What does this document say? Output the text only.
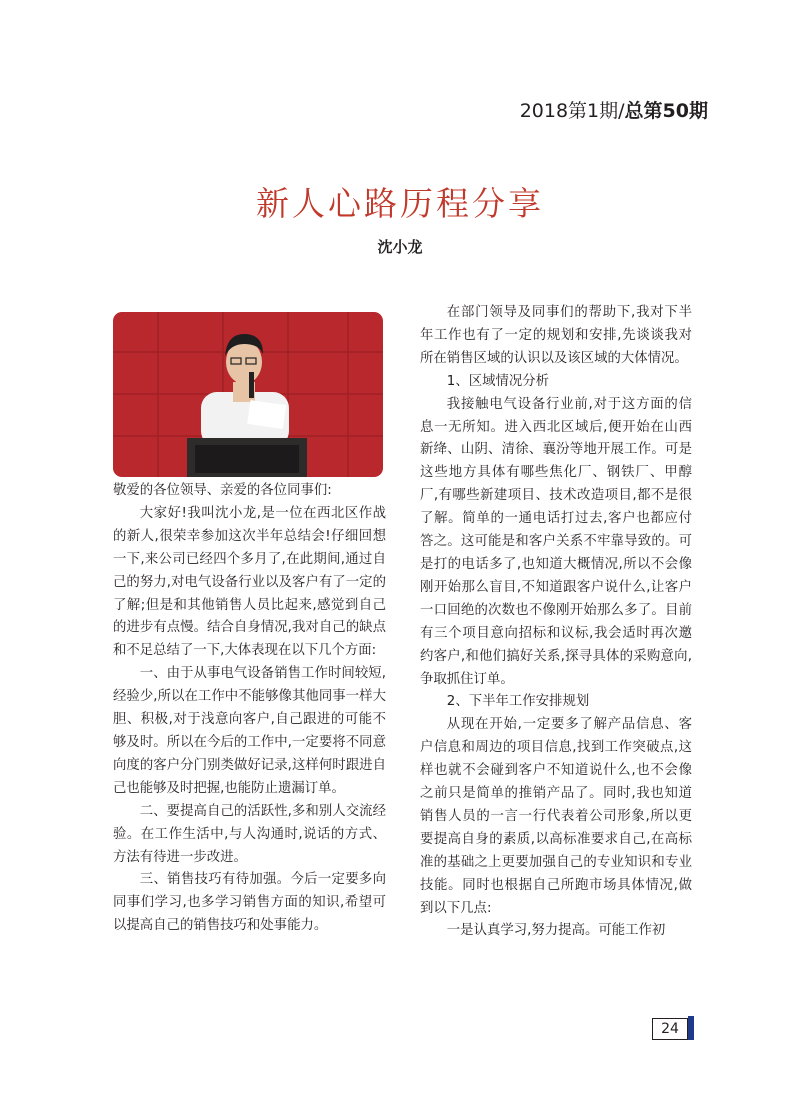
2018第1期/总第50期
新人心路历程分享
沈小龙

敬爱的各位领导、亲爱的各位同事们:

大家好!我叫沈小龙,是一位在西北区作战的新人,很荣幸参加这次半年总结会!仔细回想一下,来公司已经四个多月了,在此期间,通过自己的努力,对电气设备行业以及客户有了一定的了解;但是和其他销售人员比起来,感觉到自己的进步有点慢。结合自身情况,我对自己的缺点和不足总结了一下,大体表现在以下几个方面:

一、由于从事电气设备销售工作时间较短,经验少,所以在工作中不能够像其他同事一样大胆、积极,对于浅意向客户,自己跟进的可能不够及时。所以在今后的工作中,一定要将不同意向度的客户分门别类做好记录,这样何时跟进自己也能够及时把握,也能防止遗漏订单。

二、要提高自己的活跃性,多和别人交流经验。在工作生活中,与人沟通时,说话的方式、方法有待进一步改进。

三、销售技巧有待加强。今后一定要多向同事们学习,也多学习销售方面的知识,希望可以提高自己的销售技巧和处事能力。

在部门领导及同事们的帮助下,我对下半年工作也有了一定的规划和安排,先谈谈我对所在销售区域的认识以及该区域的大体情况。

1、区域情况分析

我接触电气设备行业前,对于这方面的信息一无所知。进入西北区域后,便开始在山西新绛、山阴、清徐、襄汾等地开展工作。可是这些地方具体有哪些焦化厂、钢铁厂、甲醇厂,有哪些新建项目、技术改造项目,都不是很了解。简单的一通电话打过去,客户也都应付答之。这可能是和客户关系不牢靠导致的。可是打的电话多了,也知道大概情况,所以不会像刚开始那么盲目,不知道跟客户说什么,让客户一口回绝的次数也不像刚开始那么多了。目前有三个项目意向招标和议标,我会适时再次邀约客户,和他们搞好关系,探寻具体的采购意向,争取抓住订单。

2、下半年工作安排规划

从现在开始,一定要多了解产品信息、客户信息和周边的项目信息,找到工作突破点,这样也就不会碰到客户不知道说什么,也不会像之前只是简单的推销产品了。同时,我也知道销售人员的一言一行代表着公司形象,所以更要提高自身的素质,以高标准要求自己,在高标准的基础之上更要加强自己的专业知识和专业技能。同时也根据自己所跑市场具体情况,做到以下几点:

一是认真学习,努力提高。可能工作初

24
